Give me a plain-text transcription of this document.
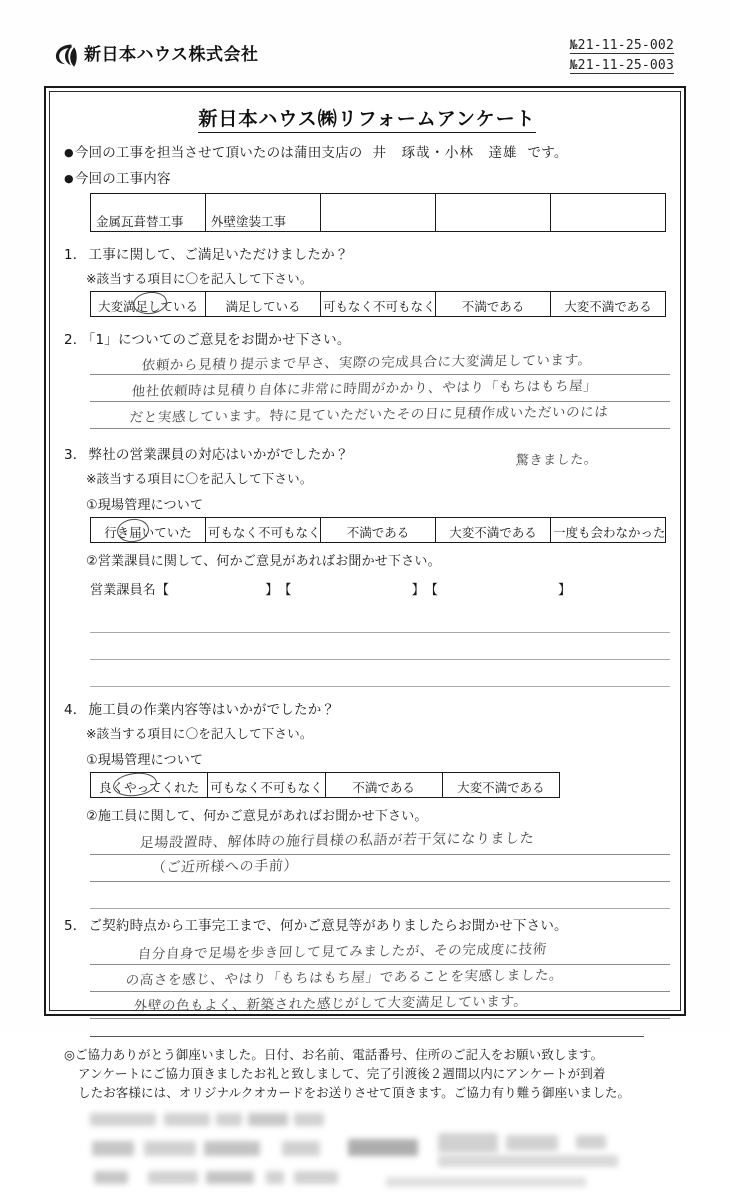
新日本ハウス株式会社	№21-11-25-002
№21-11-25-003
新日本ハウス㈱リフォームアンケート
●今回の工事を担当させて頂いたのは蒲田支店の 井　琢哉・小林　達雄 です。
●今回の工事内容
金属瓦葺替工事	外壁塗装工事			
1． 工事に関して、ご満足いただけましたか？
※該当する項目に〇を記入して下さい。
大変満足している	満足している	可もなく不可もなく	不満である	大変不満である
2． 「1」についてのご意見をお聞かせ下さい。
依頼から見積り提示まで早さ、実際の完成具合に大変満足しています。
他社依頼時は見積り自体に非常に時間がかかり、やはり「もちはもち屋」
だと実感しています。特に見ていただいたその日に見積作成いただいのには
3． 弊社の営業課員の対応はいかがでしたか？	驚きました。
※該当する項目に〇を記入して下さい。
①現場管理について
行き届いていた	可もなく不可もなく	不満である	大変不満である	一度も会わなかった
②営業課員に関して、何かご意見があればお聞かせ下さい。
営業課員名【	】【	】【	】
4． 施工員の作業内容等はいかがでしたか？
※該当する項目に〇を記入して下さい。
①現場管理について
良くやってくれた	可もなく不可もなく	不満である	大変不満である
②施工員に関して、何かご意見があればお聞かせ下さい。
足場設置時、解体時の施行員様の私語が若干気になりました
（ご近所様への手前）
5． ご契約時点から工事完工まで、何かご意見等がありましたらお聞かせ下さい。
自分自身で足場を歩き回して見てみましたが、その完成度に技術
の高さを感じ、やはり「もちはもち屋」であることを実感しました。
外壁の色もよく、新築された感じがして大変満足しています。
◎ご協力ありがとう御座いました。日付、お名前、電話番号、住所のご記入をお願い致します。
アンケートにご協力頂きましたお礼と致しまして、完了引渡後２週間以内にアンケートが到着
したお客様には、オリジナルクオカードをお送りさせて頂きます。ご協力有り難う御座いました。
